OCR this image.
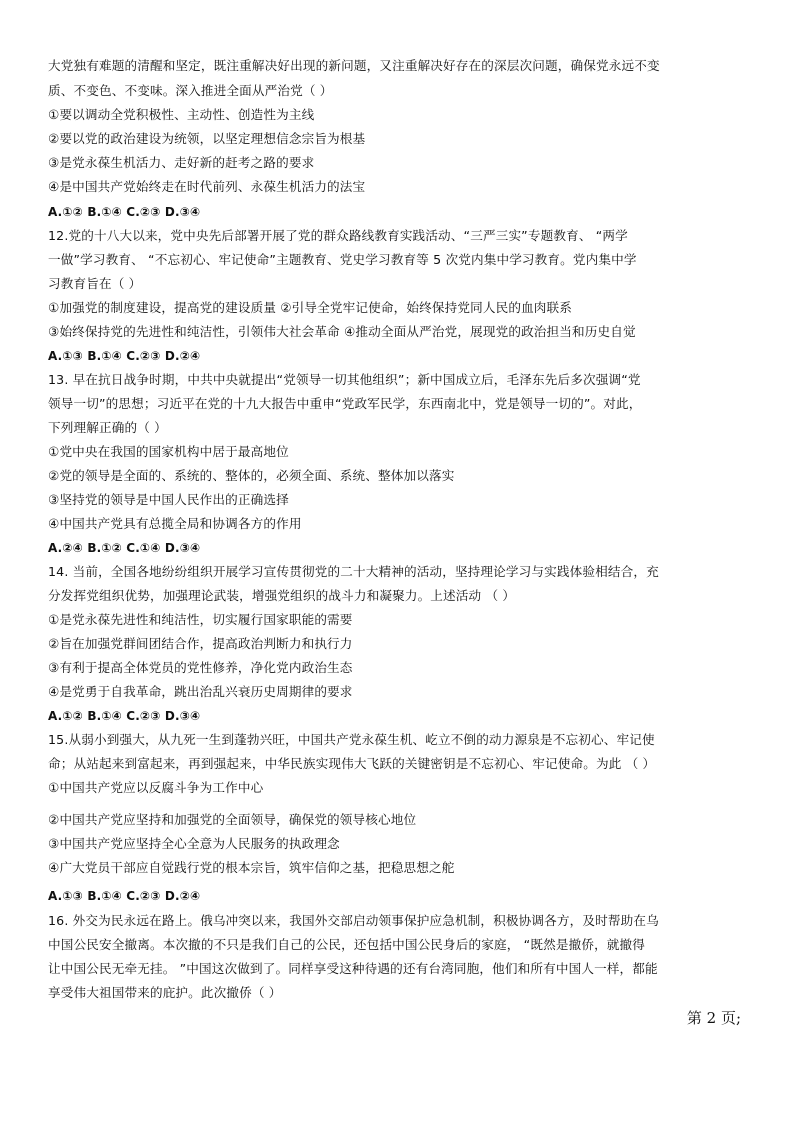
大党独有难题的清醒和坚定，既注重解决好出现的新问题，又注重解决好存在的深层次问题，确保党永远不变
质、不变色、不变味。深入推进全面从严治党（ ）
①要以调动全党积极性、主动性、创造性为主线
②要以党的政治建设为统领，以坚定理想信念宗旨为根基
③是党永葆生机活力、走好新的赶考之路的要求
④是中国共产党始终走在时代前列、永葆生机活力的法宝
A.①② B.①④ C.②③ D.③④
12.党的十八大以来，党中央先后部署开展了党的群众路线教育实践活动、“三严三实”专题教育、 “两学
一做”学习教育、 “不忘初心、牢记使命”主题教育、党史学习教育等 5 次党内集中学习教育。党内集中学
习教育旨在（ ）
①加强党的制度建设，提高党的建设质量 ②引导全党牢记使命，始终保持党同人民的血肉联系
③始终保持党的先进性和纯洁性，引领伟大社会革命 ④推动全面从严治党，展现党的政治担当和历史自觉
A.①③ B.①④ C.②③ D.②④
13. 早在抗日战争时期，中共中央就提出“党领导一切其他组织”；新中国成立后，毛泽东先后多次强调“党
领导一切”的思想；习近平在党的十九大报告中重申“党政军民学，东西南北中，党是领导一切的”。对此，
下列理解正确的（ ）
①党中央在我国的国家机构中居于最高地位
②党的领导是全面的、系统的、整体的，必须全面、系统、整体加以落实
③坚持党的领导是中国人民作出的正确选择
④中国共产党具有总揽全局和协调各方的作用
A.②④ B.①② C.①④ D.③④
14. 当前，全国各地纷纷组织开展学习宣传贯彻党的二十大精神的活动，坚持理论学习与实践体验相结合，充
分发挥党组织优势，加强理论武装，增强党组织的战斗力和凝聚力。上述活动 （ ）
①是党永葆先进性和纯洁性，切实履行国家职能的需要
②旨在加强党群间团结合作，提高政治判断力和执行力
③有利于提高全体党员的党性修养，净化党内政治生态
④是党勇于自我革命，跳出治乱兴衰历史周期律的要求
A.①② B.①④ C.②③ D.③④
15.从弱小到强大，从九死一生到蓬勃兴旺，中国共产党永葆生机、屹立不倒的动力源泉是不忘初心、牢记使
命；从站起来到富起来，再到强起来，中华民族实现伟大飞跃的关键密钥是不忘初心、牢记使命。为此 （ ）
①中国共产党应以反腐斗争为工作中心
②中国共产党应坚持和加强党的全面领导，确保党的领导核心地位
③中国共产党应坚持全心全意为人民服务的执政理念
④广大党员干部应自觉践行党的根本宗旨，筑牢信仰之基，把稳思想之舵
A.①③ B.①④ C.②③ D.②④
16. 外交为民永远在路上。俄乌冲突以来，我国外交部启动领事保护应急机制，积极协调各方，及时帮助在乌
中国公民安全撤离。本次撤的不只是我们自己的公民，还包括中国公民身后的家庭， “既然是撤侨，就撤得
让中国公民无牵无挂。 ”中国这次做到了。同样享受这种待遇的还有台湾同胞，他们和所有中国人一样，都能
享受伟大祖国带来的庇护。此次撤侨（ ）
第 2 页;
